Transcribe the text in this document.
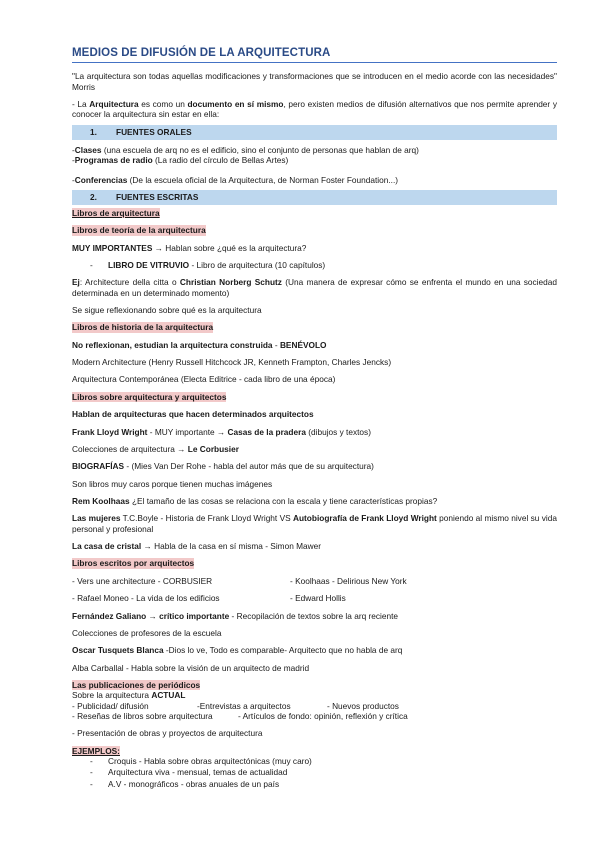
MEDIOS DE DIFUSIÓN DE LA ARQUITECTURA
"La arquitectura son todas aquellas modificaciones y transformaciones que se introducen en el medio acorde con las necesidades" Morris
- La Arquitectura es como un documento en sí mismo, pero existen medios de difusión alternativos que nos permite aprender y conocer la arquitectura sin estar en ella:
1.	FUENTES ORALES
-Clases (una escuela de arq no es el edificio, sino el conjunto de personas que hablan de arq)
-Programas de radio (La radio del círculo de Bellas Artes)
-Conferencias (De la escuela oficial de la Arquitectura, de Norman Foster Foundation...)
2.	FUENTES ESCRITAS
Libros de arquitectura
Libros de teoría de la arquitectura
MUY IMPORTANTES → Hablan sobre ¿qué es la arquitectura?
-	LIBRO DE VITRUVIO - Libro de arquitectura (10 capítulos)
Ej: Architecture della citta o Christian Norberg Schutz (Una manera de expresar cómo se enfrenta el mundo en una sociedad determinada en un determinado momento)
Se sigue reflexionando sobre qué es la arquitectura
Libros de historia de la arquitectura
No reflexionan, estudian la arquitectura construida - BENÉVOLO
Modern Architecture (Henry Russell Hitchcock JR, Kenneth Frampton, Charles Jencks)
Arquitectura Contemporánea (Electa Editrice - cada libro de una época)
Libros sobre arquitectura y arquitectos
Hablan de arquitecturas que hacen determinados arquitectos
Frank Lloyd Wright - MUY importante → Casas de la pradera (dibujos y textos)
Colecciones de arquitectura → Le Corbusier
BIOGRAFÍAS - (Mies Van Der Rohe - habla del autor más que de su arquitectura)
Son libros muy caros porque tienen muchas imágenes
Rem Koolhaas ¿El tamaño de las cosas se relaciona con la escala y tiene características propias?
Las mujeres T.C.Boyle - Historia de Frank Lloyd Wright VS Autobiografía de Frank Lloyd Wright poniendo al mismo nivel su vida personal y profesional
La casa de cristal → Habla de la casa en sí misma - Simon Mawer
Libros escritos por arquitectos
- Vers une architecture - CORBUSIER	- Koolhaas - Delirious New York
- Rafael Moneo - La vida de los edificios	- Edward Hollis
Fernández Galiano → crítico importante - Recopilación de textos sobre la arq reciente
Colecciones de profesores de la escuela
Oscar Tusquets Blanca -Dios lo ve, Todo es comparable- Arquitecto que no habla de arq
Alba Carballal - Habla sobre la visión de un arquitecto de madrid
Las publicaciones de periódicos
Sobre la arquitectura ACTUAL
- Publicidad/ difusión	-Entrevistas a arquitectos	- Nuevos productos
- Reseñas de libros sobre arquitectura	- Artículos de fondo: opinión, reflexión y crítica
- Presentación de obras y proyectos de arquitectura
EJEMPLOS:
-	Croquis - Habla sobre obras arquitectónicas (muy caro)
-	Arquitectura viva - mensual, temas de actualidad
-	A.V - monográficos - obras anuales de un país
